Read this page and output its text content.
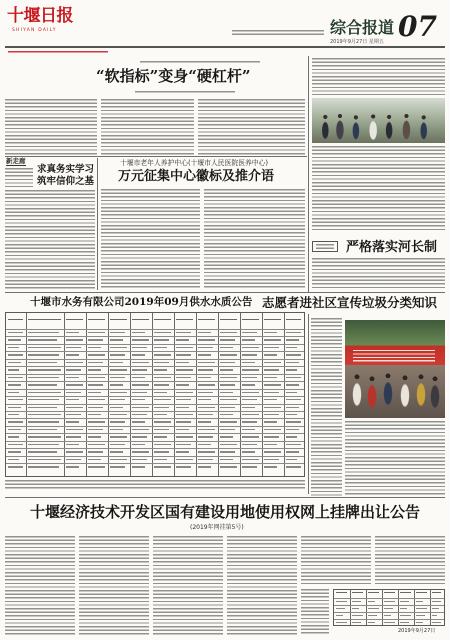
十堰日报
SHIYAN DAILY	综合报道 07
2019年9月27日 星期五
“软指标”变身“硬杠杆”
严格落实河长制
新走廊
求真务实学习
筑牢信仰之基
十堰市老年人养护中心(十堰市人民医院医养中心)
万元征集中心徽标及推介语
十堰市水务有限公司2019年09月供水水质公告 志愿者进社区宣传垃圾分类知识
十堰经济技术开发区国有建设用地使用权网上挂牌出让公告
(2019年网挂第5号)
2019年9月27日
